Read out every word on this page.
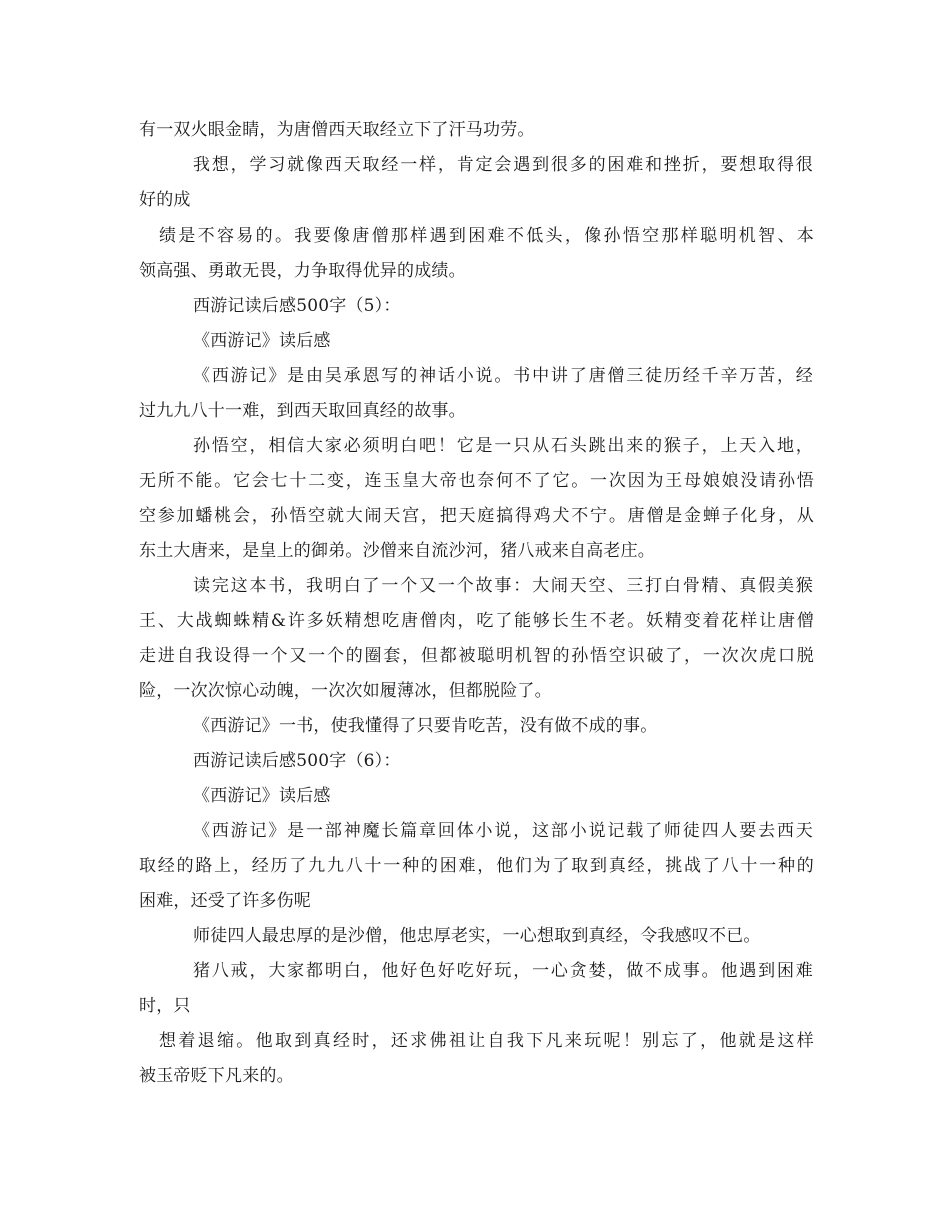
有一双火眼金睛，为唐僧西天取经立下了汗马功劳。
我想，学习就像西天取经一样，肯定会遇到很多的困难和挫折，要想取得很
好的成
绩是不容易的。我要像唐僧那样遇到困难不低头，像孙悟空那样聪明机智、本
领高强、勇敢无畏，力争取得优异的成绩。
西游记读后感500字（5）：
《西游记》读后感
《西游记》是由吴承恩写的神话小说。书中讲了唐僧三徒历经千辛万苦，经
过九九八十一难，到西天取回真经的故事。
孙悟空，相信大家必须明白吧！它是一只从石头跳出来的猴子，上天入地，
无所不能。它会七十二变，连玉皇大帝也奈何不了它。一次因为王母娘娘没请孙悟
空参加蟠桃会，孙悟空就大闹天宫，把天庭搞得鸡犬不宁。唐僧是金蝉子化身，从
东土大唐来，是皇上的御弟。沙僧来自流沙河，猪八戒来自高老庄。
读完这本书，我明白了一个又一个故事：大闹天空、三打白骨精、真假美猴
王、大战蜘蛛精&许多妖精想吃唐僧肉，吃了能够长生不老。妖精变着花样让唐僧
走进自我设得一个又一个的圈套，但都被聪明机智的孙悟空识破了，一次次虎口脱
险，一次次惊心动魄，一次次如履薄冰，但都脱险了。
《西游记》一书，使我懂得了只要肯吃苦，没有做不成的事。
西游记读后感500字（6）：
《西游记》读后感
《西游记》是一部神魔长篇章回体小说，这部小说记载了师徒四人要去西天
取经的路上，经历了九九八十一种的困难，他们为了取到真经，挑战了八十一种的
困难，还受了许多伤呢
师徒四人最忠厚的是沙僧，他忠厚老实，一心想取到真经，令我感叹不已。
猪八戒，大家都明白，他好色好吃好玩，一心贪婪，做不成事。他遇到困难
时，只
想着退缩。他取到真经时，还求佛祖让自我下凡来玩呢！别忘了，他就是这样
被玉帝贬下凡来的。
